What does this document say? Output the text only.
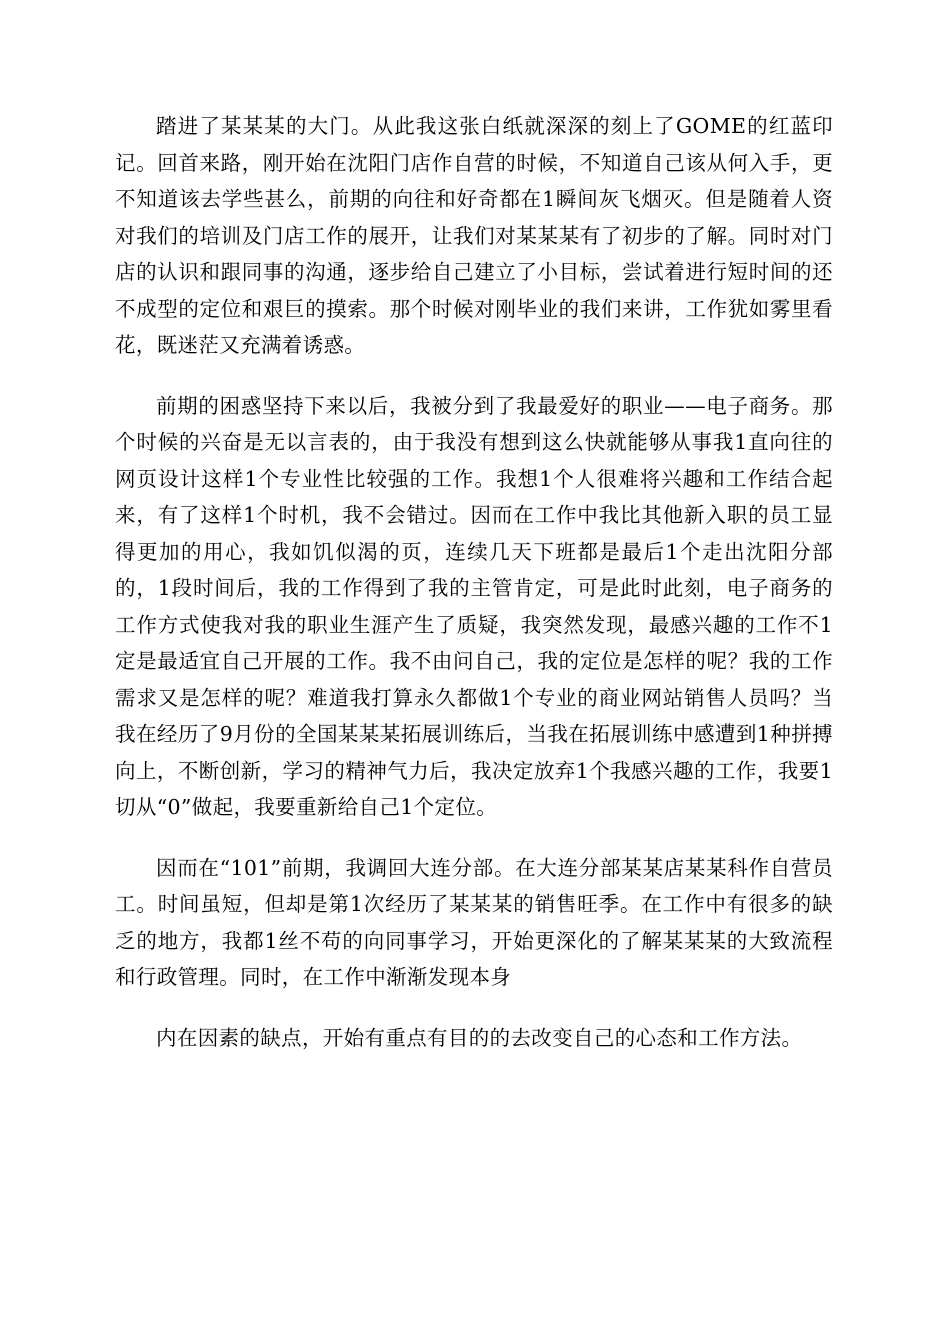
踏进了某某某的大门。从此我这张白纸就深深的刻上了GOME的红蓝印记。回首来路，刚开始在沈阳门店作自营的时候，不知道自己该从何入手，更不知道该去学些甚么，前期的向往和好奇都在1瞬间灰飞烟灭。但是随着人资对我们的培训及门店工作的展开，让我们对某某某有了初步的了解。同时对门店的认识和跟同事的沟通，逐步给自己建立了小目标，尝试着进行短时间的还不成型的定位和艰巨的摸索。那个时候对刚毕业的我们来讲，工作犹如雾里看花，既迷茫又充满着诱惑。

前期的困惑坚持下来以后，我被分到了我最爱好的职业——电子商务。那个时候的兴奋是无以言表的，由于我没有想到这么快就能够从事我1直向往的网页设计这样1个专业性比较强的工作。我想1个人很难将兴趣和工作结合起来，有了这样1个时机，我不会错过。因而在工作中我比其他新入职的员工显得更加的用心，我如饥似渴的页，连续几天下班都是最后1个走出沈阳分部的，1段时间后，我的工作得到了我的主管肯定，可是此时此刻，电子商务的工作方式使我对我的职业生涯产生了质疑，我突然发现，最感兴趣的工作不1定是最适宜自己开展的工作。我不由问自己，我的定位是怎样的呢？我的工作需求又是怎样的呢？难道我打算永久都做1个专业的商业网站销售人员吗？当我在经历了9月份的全国某某某拓展训练后，当我在拓展训练中感遭到1种拼搏向上，不断创新，学习的精神气力后，我决定放弃1个我感兴趣的工作，我要1切从“0”做起，我要重新给自己1个定位。

因而在“101”前期，我调回大连分部。在大连分部某某店某某科作自营员工。时间虽短，但却是第1次经历了某某某的销售旺季。在工作中有很多的缺乏的地方，我都1丝不苟的向同事学习，开始更深化的了解某某某的大致流程和行政管理。同时，在工作中渐渐发现本身

内在因素的缺点，开始有重点有目的的去改变自己的心态和工作方法。
